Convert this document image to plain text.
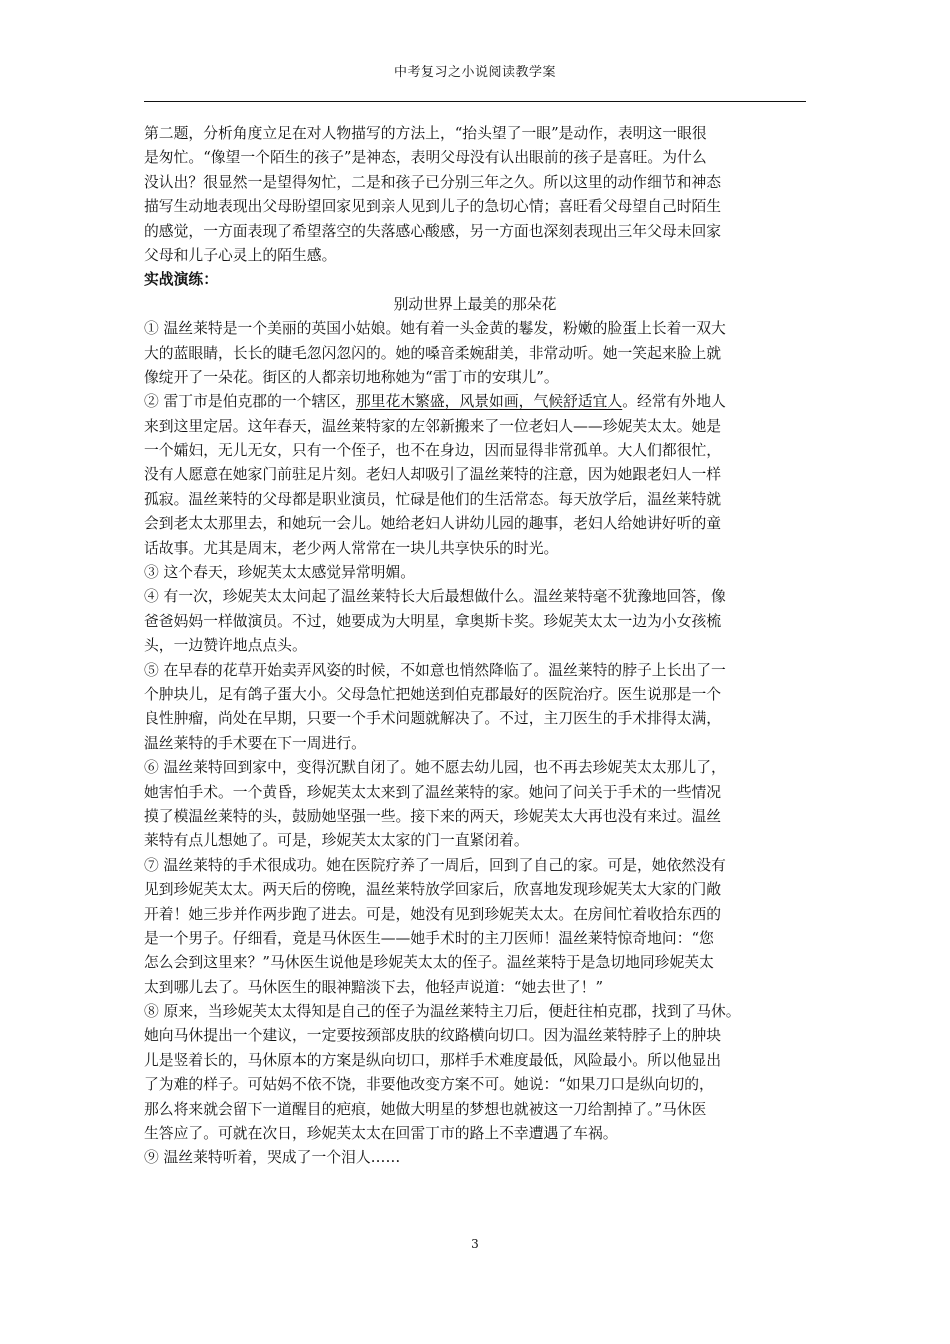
中考复习之小说阅读教学案
第二题，分析角度立足在对人物描写的方法上，“抬头望了一眼”是动作，表明这一眼很
是匆忙。“像望一个陌生的孩子”是神态，表明父母没有认出眼前的孩子是喜旺。为什么
没认出？很显然一是望得匆忙，二是和孩子已分别三年之久。所以这里的动作细节和神态
描写生动地表现出父母盼望回家见到亲人见到儿子的急切心情；喜旺看父母望自己时陌生
的感觉，一方面表现了希望落空的失落感心酸感，另一方面也深刻表现出三年父母未回家
父母和儿子心灵上的陌生感。
实战演练：
别动世界上最美的那朵花
① 温丝莱特是一个美丽的英国小姑娘。她有着一头金黄的鬈发，粉嫩的脸蛋上长着一双大
大的蓝眼睛，长长的睫毛忽闪忽闪的。她的嗓音柔婉甜美，非常动听。她一笑起来脸上就
像绽开了一朵花。街区的人都亲切地称她为“雷丁市的安琪儿”。
② 雷丁市是伯克郡的一个辖区，那里花木繁盛，风景如画，气候舒适宜人。经常有外地人
来到这里定居。这年春天，温丝莱特家的左邻新搬来了一位老妇人——珍妮芙太太。她是
一个孀妇，无儿无女，只有一个侄子，也不在身边，因而显得非常孤单。大人们都很忙，
没有人愿意在她家门前驻足片刻。老妇人却吸引了温丝莱特的注意，因为她跟老妇人一样
孤寂。温丝莱特的父母都是职业演员，忙碌是他们的生活常态。每天放学后，温丝莱特就
会到老太太那里去，和她玩一会儿。她给老妇人讲幼儿园的趣事，老妇人给她讲好听的童
话故事。尤其是周末，老少两人常常在一块儿共享快乐的时光。
③ 这个春天，珍妮芙太太感觉异常明媚。
④ 有一次，珍妮芙太太问起了温丝莱特长大后最想做什么。温丝莱特毫不犹豫地回答，像
爸爸妈妈一样做演员。不过，她要成为大明星，拿奥斯卡奖。珍妮芙太太一边为小女孩梳
头，一边赞许地点点头。
⑤ 在早春的花草开始卖弄风姿的时候，不如意也悄然降临了。温丝莱特的脖子上长出了一
个肿块儿，足有鸽子蛋大小。父母急忙把她送到伯克郡最好的医院治疗。医生说那是一个
良性肿瘤，尚处在早期，只要一个手术问题就解决了。不过，主刀医生的手术排得太满，
温丝莱特的手术要在下一周进行。
⑥ 温丝莱特回到家中，变得沉默自闭了。她不愿去幼儿园，也不再去珍妮芙太太那儿了，
她害怕手术。一个黄昏，珍妮芙太太来到了温丝莱特的家。她问了问关于手术的一些情况
摸了模温丝莱特的头，鼓励她坚强一些。接下来的两天，珍妮芙太大再也没有来过。温丝
莱特有点儿想她了。可是，珍妮芙太太家的门一直紧闭着。
⑦ 温丝莱特的手术很成功。她在医院疗养了一周后，回到了自己的家。可是，她依然没有
见到珍妮芙太太。两天后的傍晚，温丝莱特放学回家后，欣喜地发现珍妮芙太大家的门敞
开着！她三步并作两步跑了进去。可是，她没有见到珍妮芙太太。在房间忙着收拾东西的
是一个男子。仔细看，竟是马休医生——她手术时的主刀医师！温丝莱特惊奇地问：“您
怎么会到这里来？”马休医生说他是珍妮芙太太的侄子。温丝莱特于是急切地同珍妮芙太
太到哪儿去了。马休医生的眼神黯淡下去，他轻声说道：“她去世了！”
⑧ 原来，当珍妮芙太太得知是自己的侄子为温丝莱特主刀后，便赶往柏克郡，找到了马休。
她向马休提出一个建议，一定要按颈部皮肤的纹路横向切口。因为温丝莱特脖子上的肿块
儿是竖着长的，马休原本的方案是纵向切口，那样手术难度最低，风险最小。所以他显出
了为难的样子。可姑妈不依不饶，非要他改变方案不可。她说：“如果刀口是纵向切的，
那么将来就会留下一道醒目的疤痕，她做大明星的梦想也就被这一刀给割掉了。”马休医
生答应了。可就在次日，珍妮芙太太在回雷丁市的路上不幸遭遇了车祸。
⑨ 温丝莱特听着，哭成了一个泪人……
3
